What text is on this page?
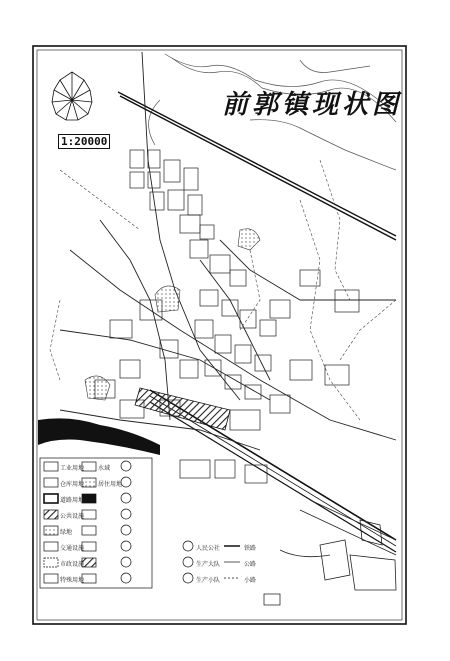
前郭镇现状图
1:20000
工业用地
仓库用地
道路用地
公共设施
绿地
交通设施
市政设施
特殊用地
水域
居住用地
人民公社
生产大队
生产小队
铁路
公路
小路
